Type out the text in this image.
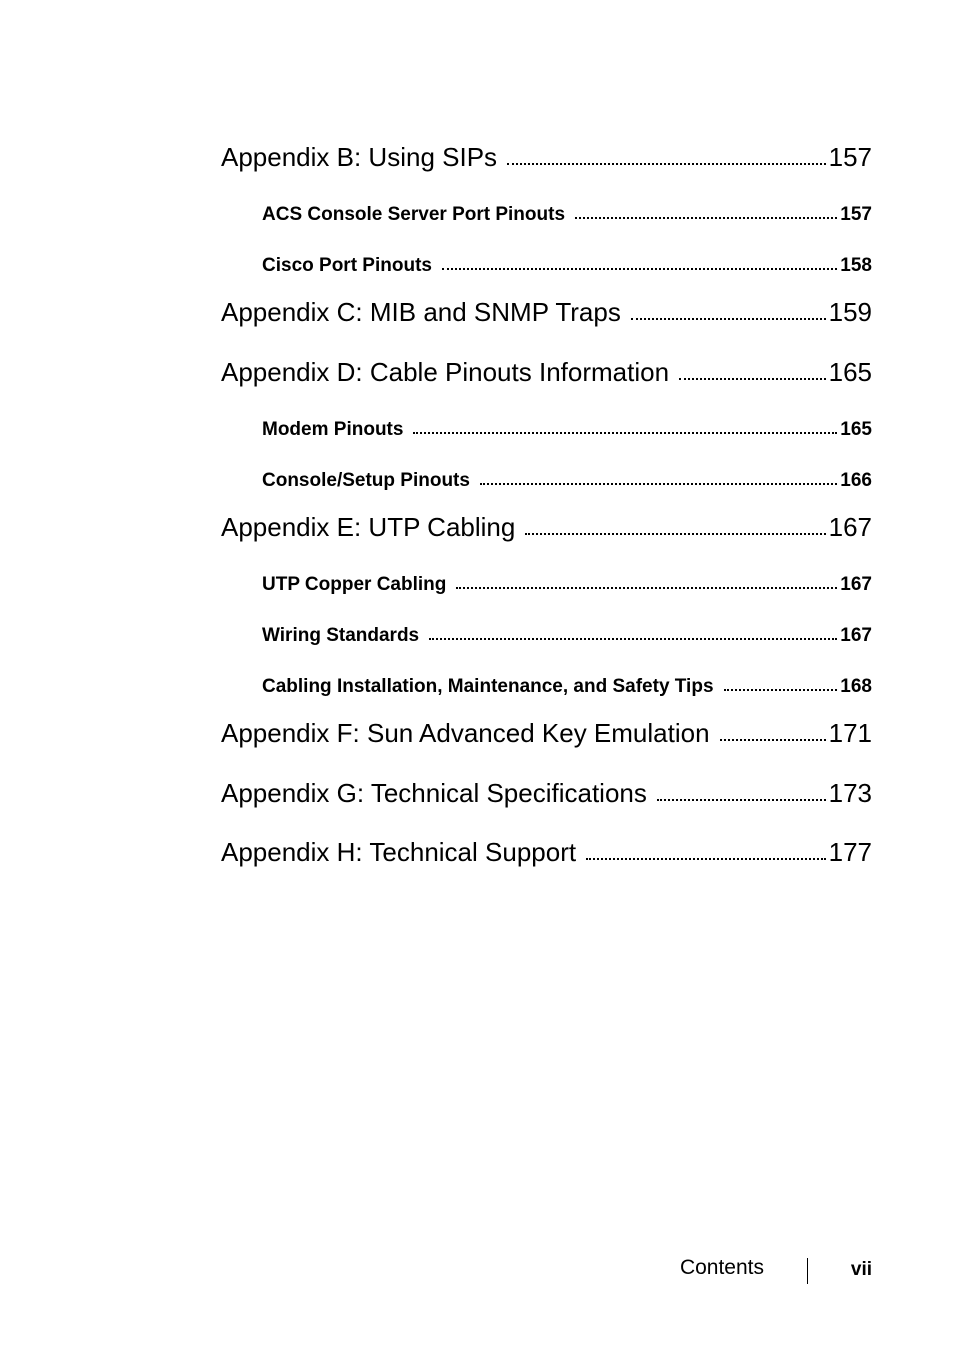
Appendix B: Using SIPs	157
ACS Console Server Port Pinouts	157
Cisco Port Pinouts	158
Appendix C: MIB and SNMP Traps	159
Appendix D: Cable Pinouts Information	165
Modem Pinouts	165
Console/Setup Pinouts	166
Appendix E: UTP Cabling	167
UTP Copper Cabling	167
Wiring Standards	167
Cabling Installation, Maintenance, and Safety Tips	168
Appendix F: Sun Advanced Key Emulation	171
Appendix G: Technical Specifications	173
Appendix H: Technical Support	177
Contents	vii
